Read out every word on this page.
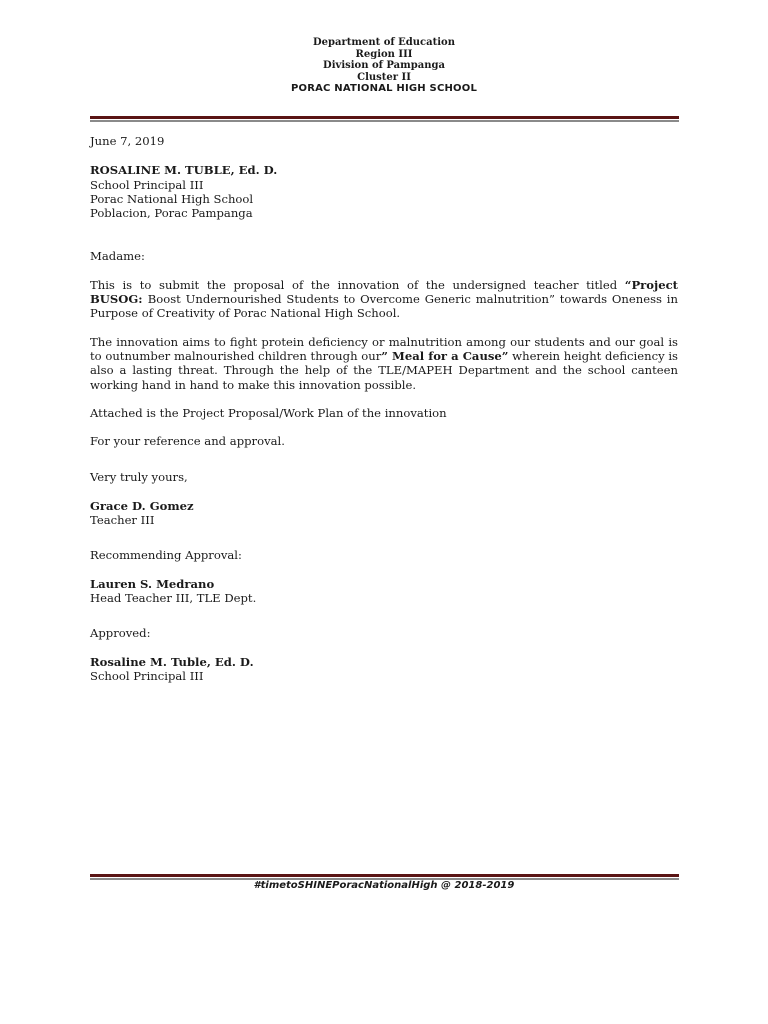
Department of Education
Region III
Division of Pampanga
Cluster II
PORAC NATIONAL HIGH SCHOOL

June 7, 2019

ROSALINE M. TUBLE, Ed. D.

School Principal III

Porac National High School

Poblacion, Porac Pampanga

Madame:

This is to submit the proposal of the innovation of the undersigned teacher titled “Project BUSOG: Boost Undernourished Students to Overcome Generic malnutrition” towards Oneness in Purpose of Creativity of Porac National High School.

The innovation aims to fight protein deficiency or malnutrition among our students and our goal is to outnumber malnourished children through our” Meal for a Cause” wherein height deficiency is also a lasting threat. Through the help of the TLE/MAPEH Department and the school canteen working hand in hand to make this innovation possible.

Attached is the Project Proposal/Work Plan of the innovation

For your reference and approval.

Very truly yours,

Grace D. Gomez

Teacher III

Recommending Approval:

Lauren S. Medrano

Head Teacher III, TLE Dept.

Approved:

Rosaline M. Tuble, Ed. D.

School Principal III

#timetoSHINEPoracNationalHigh @ 2018-2019
